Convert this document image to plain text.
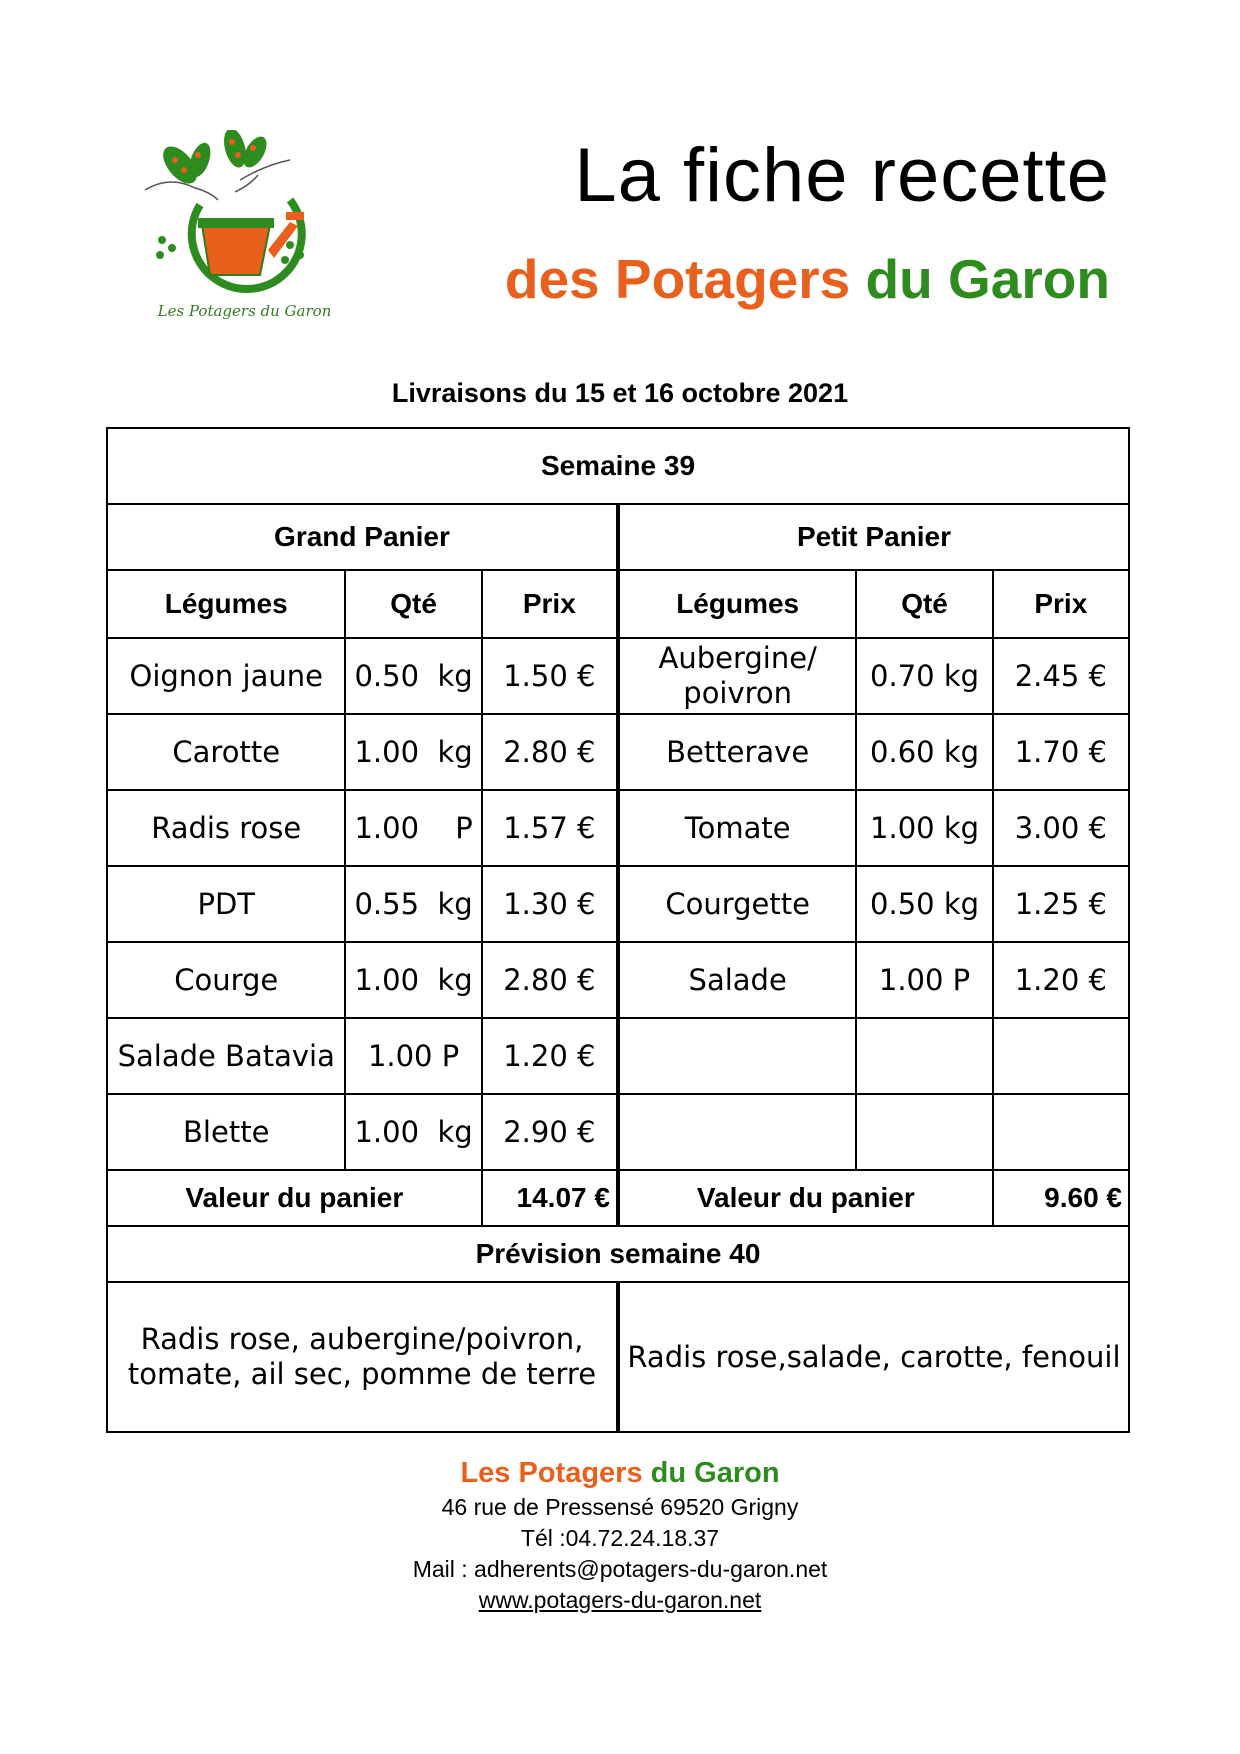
Les Potagers du Garon
La fiche recette
des Potagers du Garon
Livraisons du 15 et 16 octobre 2021
Semaine 39					
Grand Panier			Petit Panier		
Légumes	Qté	Prix	Légumes	Qté	Prix
Oignon jaune	0.50 kg	1.50 €	Aubergine/ poivron	0.70 kg	2.45 €
Carotte	1.00 kg	2.80 €	Betterave	0.60 kg	1.70 €
Radis rose	1.00 P	1.57 €	Tomate	1.00 kg	3.00 €
PDT	0.55 kg	1.30 €	Courgette	0.50 kg	1.25 €
Courge	1.00 kg	2.80 €	Salade	1.00 P	1.20 €
Salade Batavia	1.00 P	1.20 €			
Blette	1.00 kg	2.90 €			
Valeur du panier		14.07 €	Valeur du panier		9.60 €
Prévision semaine 40					
Radis rose, aubergine/poivron, tomate, ail sec, pomme de terre			Radis rose,salade, carotte, fenouil		
Les Potagers du Garon
46 rue de Pressensé 69520 Grigny
Tél :04.72.24.18.37
Mail : adherents@potagers-du-garon.net
www.potagers-du-garon.net
